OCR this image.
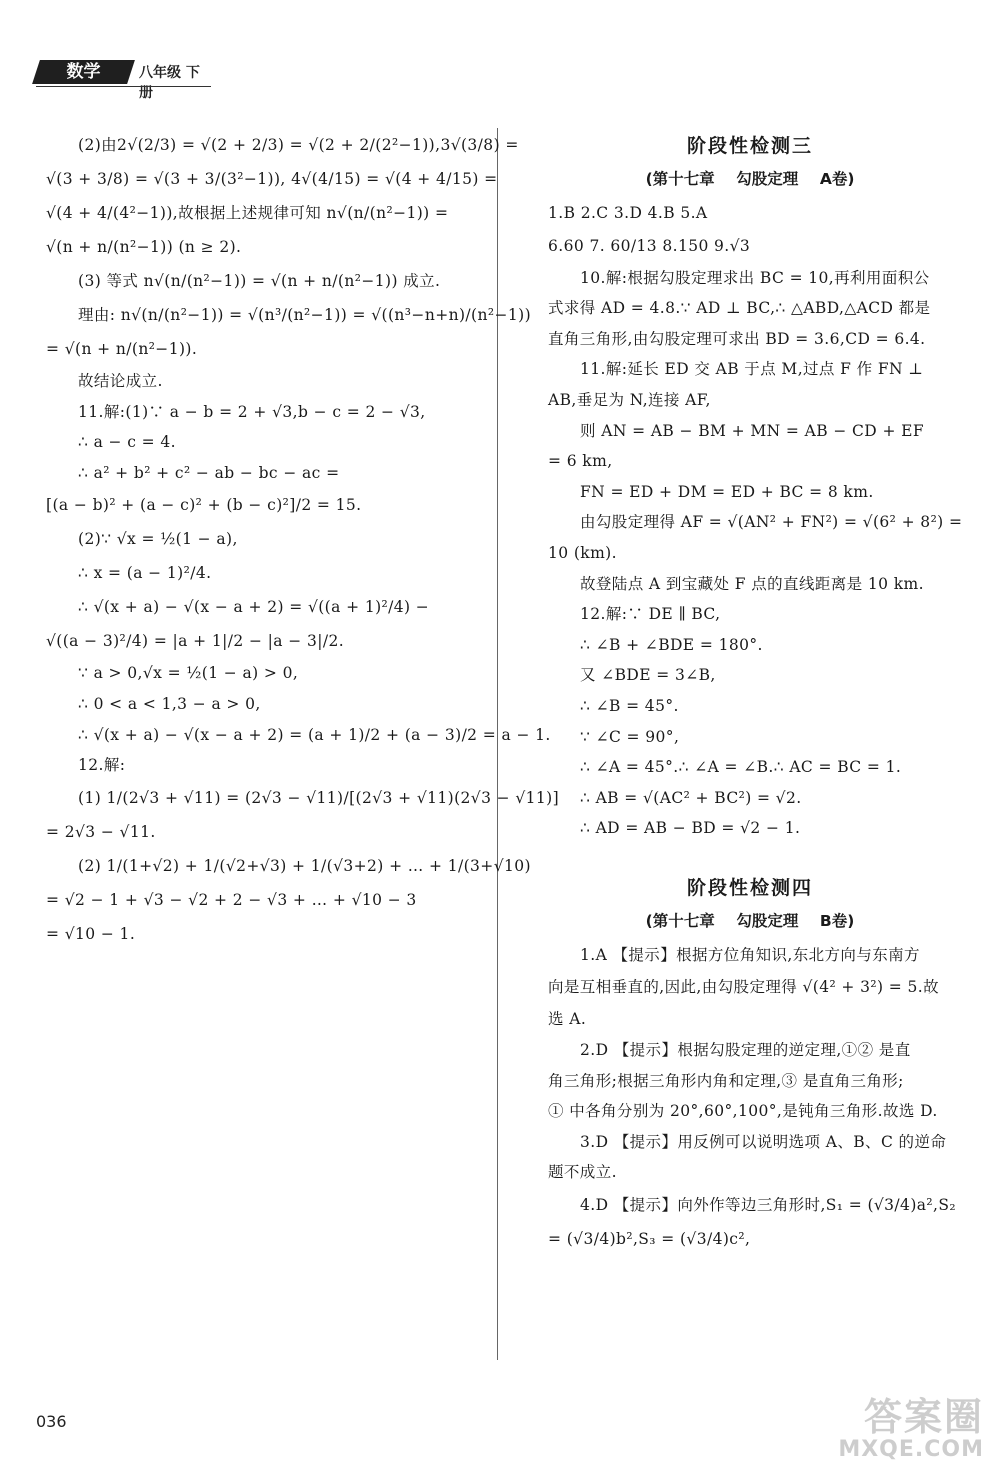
数学	八年级 下册

(2)由2√(2/3) = √(2 + 2/3) = √(2 + 2/(2²−1)),3√(3/8) =

√(3 + 3/8) = √(3 + 3/(3²−1)), 4√(4/15) = √(4 + 4/15) =

√(4 + 4/(4²−1)),故根据上述规律可知 n√(n/(n²−1)) =

√(n + n/(n²−1)) (n ≥ 2).

(3) 等式 n√(n/(n²−1)) = √(n + n/(n²−1)) 成立.

理由: n√(n/(n²−1)) = √(n³/(n²−1)) = √((n³−n+n)/(n²−1))

= √(n + n/(n²−1)).

故结论成立.

11.解:(1)∵ a − b = 2 + √3,b − c = 2 − √3,

∴ a − c = 4.

∴ a² + b² + c² − ab − bc − ac =

[(a − b)² + (a − c)² + (b − c)²]/2 = 15.

(2)∵ √x = ½(1 − a),

∴ x = (a − 1)²/4.

∴ √(x + a) − √(x − a + 2) = √((a + 1)²/4) −

√((a − 3)²/4) = |a + 1|/2 − |a − 3|/2.

∵ a > 0,√x = ½(1 − a) > 0,

∴ 0 < a < 1,3 − a > 0,

∴ √(x + a) − √(x − a + 2) = (a + 1)/2 + (a − 3)/2 = a − 1.

12.解:

(1) 1/(2√3 + √11) = (2√3 − √11)/[(2√3 + √11)(2√3 − √11)]

= 2√3 − √11.

(2) 1/(1+√2) + 1/(√2+√3) + 1/(√3+2) + … + 1/(3+√10)

= √2 − 1 + √3 − √2 + 2 − √3 + … + √10 − 3

= √10 − 1.

阶段性检测三
(第十七章    勾股定理    A卷)

1.B 2.C 3.D 4.B 5.A

6.60 7. 60/13 8.150 9.√3

10.解:根据勾股定理求出 BC = 10,再利用面积公

式求得 AD = 4.8.∵ AD ⊥ BC,∴ △ABD,△ACD 都是

直角三角形,由勾股定理可求出 BD = 3.6,CD = 6.4.

11.解:延长 ED 交 AB 于点 M,过点 F 作 FN ⊥

AB,垂足为 N,连接 AF,

则 AN = AB − BM + MN = AB − CD + EF

= 6 km,

FN = ED + DM = ED + BC = 8 km.

由勾股定理得 AF = √(AN² + FN²) = √(6² + 8²) =

10 (km).

故登陆点 A 到宝藏处 F 点的直线距离是 10 km.

12.解:∵ DE ∥ BC,

∴ ∠B + ∠BDE = 180°.

又 ∠BDE = 3∠B,

∴ ∠B = 45°.

∵ ∠C = 90°,

∴ ∠A = 45°.∴ ∠A = ∠B.∴ AC = BC = 1.

∴ AB = √(AC² + BC²) = √2.

∴ AD = AB − BD = √2 − 1.

阶段性检测四
(第十七章    勾股定理    B卷)

1.A 【提示】根据方位角知识,东北方向与东南方

向是互相垂直的,因此,由勾股定理得 √(4² + 3²) = 5.故

选 A.

2.D 【提示】根据勾股定理的逆定理,①② 是直

角三角形;根据三角形内角和定理,③ 是直角三角形;

① 中各角分别为 20°,60°,100°,是钝角三角形.故选 D.

3.D 【提示】用反例可以说明选项 A、B、C 的逆命

题不成立.

4.D 【提示】向外作等边三角形时,S₁ = (√3/4)a²,S₂

= (√3/4)b²,S₃ = (√3/4)c²,

036	答案圈
MXQE.COM
